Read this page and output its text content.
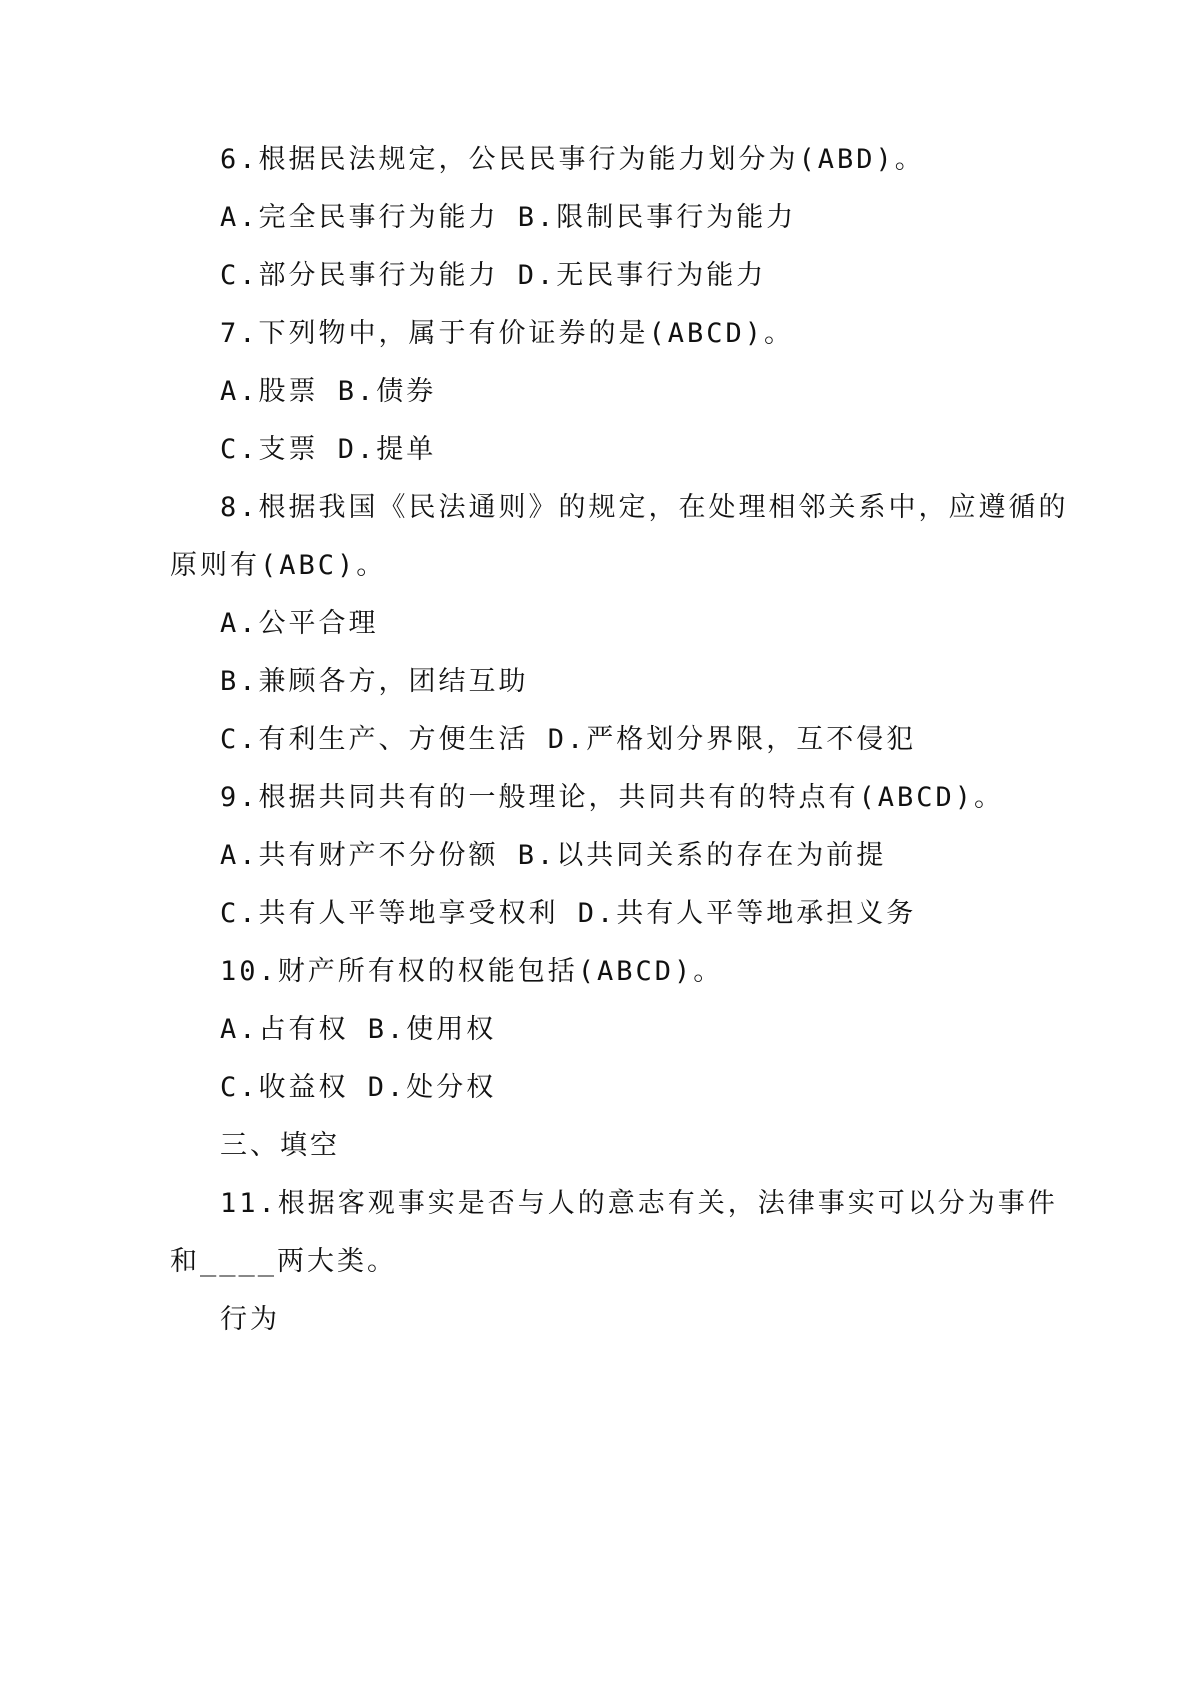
6.根据民法规定，公民民事行为能力划分为(ABD)。

A.完全民事行为能力 B.限制民事行为能力

C.部分民事行为能力 D.无民事行为能力

7.下列物中，属于有价证券的是(ABCD)。

A.股票 B.债券

C.支票 D.提单

8.根据我国《民法通则》的规定，在处理相邻关系中，应遵循的

原则有(ABC)。

A.公平合理

B.兼顾各方，团结互助

C.有利生产、方便生活 D.严格划分界限，互不侵犯

9.根据共同共有的一般理论，共同共有的特点有(ABCD)。

A.共有财产不分份额 B.以共同关系的存在为前提

C.共有人平等地享受权利 D.共有人平等地承担义务

10.财产所有权的权能包括(ABCD)。

A.占有权 B.使用权

C.收益权 D.处分权

三、填空

11.根据客观事实是否与人的意志有关，法律事实可以分为事件

和____两大类。

行为
